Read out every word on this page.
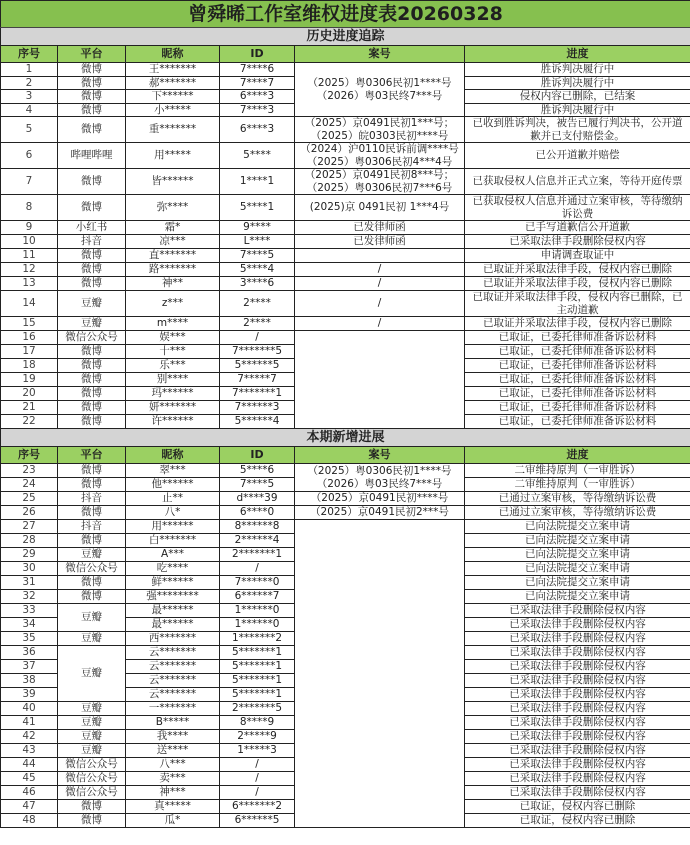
曾舜晞工作室维权进度表20260328					
历史进度追踪					
序号	平台	昵称	ID	案号	进度
1	微博	王*******	7****6	（2025）粤0306民初1****号
（2026）粤03民终7***号	胜诉判决履行中
2	微博	郝*******	7****7		胜诉判决履行中
3	微博	下******	6****3		侵权内容已删除，已结案
4	微博	小*****	7****3		胜诉判决履行中
5	微博	重*******	6****3	（2025）京0491民初1***号；
（2025）皖0303民初****号	已收到胜诉判决，被告已履行判决书，公开道歉并已支付赔偿金。
6	哔哩哔哩	用*****	5****	（2024）沪0110民诉前调****号
（2025）粤0306民初4***4号	已公开道歉并赔偿
7	微博	皆******	1****1	（2025）京0491民初8***号；
（2025）粤0306民初7***6号	已获取侵权人信息并正式立案，等待开庭传票
8	微博	弥****	5****1	(2025)京 0491民初 1***4号	已获取侵权人信息并通过立案审核，等待缴纳诉讼费
9	小红书	霜*	9****	已发律师函	已手写道歉信公开道歉
10	抖音	凉***	L****	已发律师函	已采取法律手段删除侵权内容
11	微博	直*******	7****5		申请调查取证中
12	微博	路*******	5****4	/	已取证并采取法律手段，侵权内容已删除
13	微博	神**	3****6	/	已取证并采取法律手段，侵权内容已删除
14	豆瓣	z***	2****	/	已取证并采取法律手段，侵权内容已删除，已主动道歉
15	豆瓣	m****	2****	/	已取证并采取法律手段，侵权内容已删除
16	微信公众号	娱***	/		已取证，已委托律师准备诉讼材料
17	微博	十***	7*******5		已取证，已委托律师准备诉讼材料
18	微博	乐***	5******5		已取证，已委托律师准备诉讼材料
19	微博	别****	7*****7		已取证，已委托律师准备诉讼材料
20	微博	玛******	7*******1		已取证，已委托律师准备诉讼材料
21	微博	妍*******	7******3		已取证，已委托律师准备诉讼材料
22	微博	许******	5******4		已取证，已委托律师准备诉讼材料
本期新增进展					
序号	平台	昵称	ID	案号	进度
23	微博	翠***	5****6	（2025）粤0306民初1****号
（2026）粤03民终7***号	二审维持原判（一审胜诉）
24	微博	他******	7****5		二审维持原判（一审胜诉）
25	抖音	止**	d****39	（2025）京0491民初****号	已通过立案审核，等待缴纳诉讼费
26	微博	八*	6****0	（2025）京0491民初2***号	已通过立案审核，等待缴纳诉讼费
27	抖音	用******	8******8		已向法院提交立案申请
28	微博	白*******	2******4		已向法院提交立案申请
29	豆瓣	A***	2*******1		已向法院提交立案申请
30	微信公众号	吃****	/		已向法院提交立案申请
31	微博	鲜******	7******0		已向法院提交立案申请
32	微博	强********	6******7		已向法院提交立案申请
33	豆瓣	最******	1******0		已采取法律手段删除侵权内容
34		最******	1******0		已采取法律手段删除侵权内容
35	豆瓣	西*******	1*******2		已采取法律手段删除侵权内容
36	豆瓣	云*******	5*******1		已采取法律手段删除侵权内容
37		云*******	5*******1		已采取法律手段删除侵权内容
38		云*******	5*******1		已采取法律手段删除侵权内容
39		云*******	5*******1		已采取法律手段删除侵权内容
40	豆瓣	一*******	2*******5		已采取法律手段删除侵权内容
41	豆瓣	B*****	8****9		已采取法律手段删除侵权内容
42	豆瓣	我****	2*****9		已采取法律手段删除侵权内容
43	豆瓣	送****	1*****3		已采取法律手段删除侵权内容
44	微信公众号	八***	/		已采取法律手段删除侵权内容
45	微信公众号	卖***	/		已采取法律手段删除侵权内容
46	微信公众号	神***	/		已采取法律手段删除侵权内容
47	微博	真*****	6*******2		已取证，侵权内容已删除
48	微博	瓜*	6******5		已取证，侵权内容已删除
